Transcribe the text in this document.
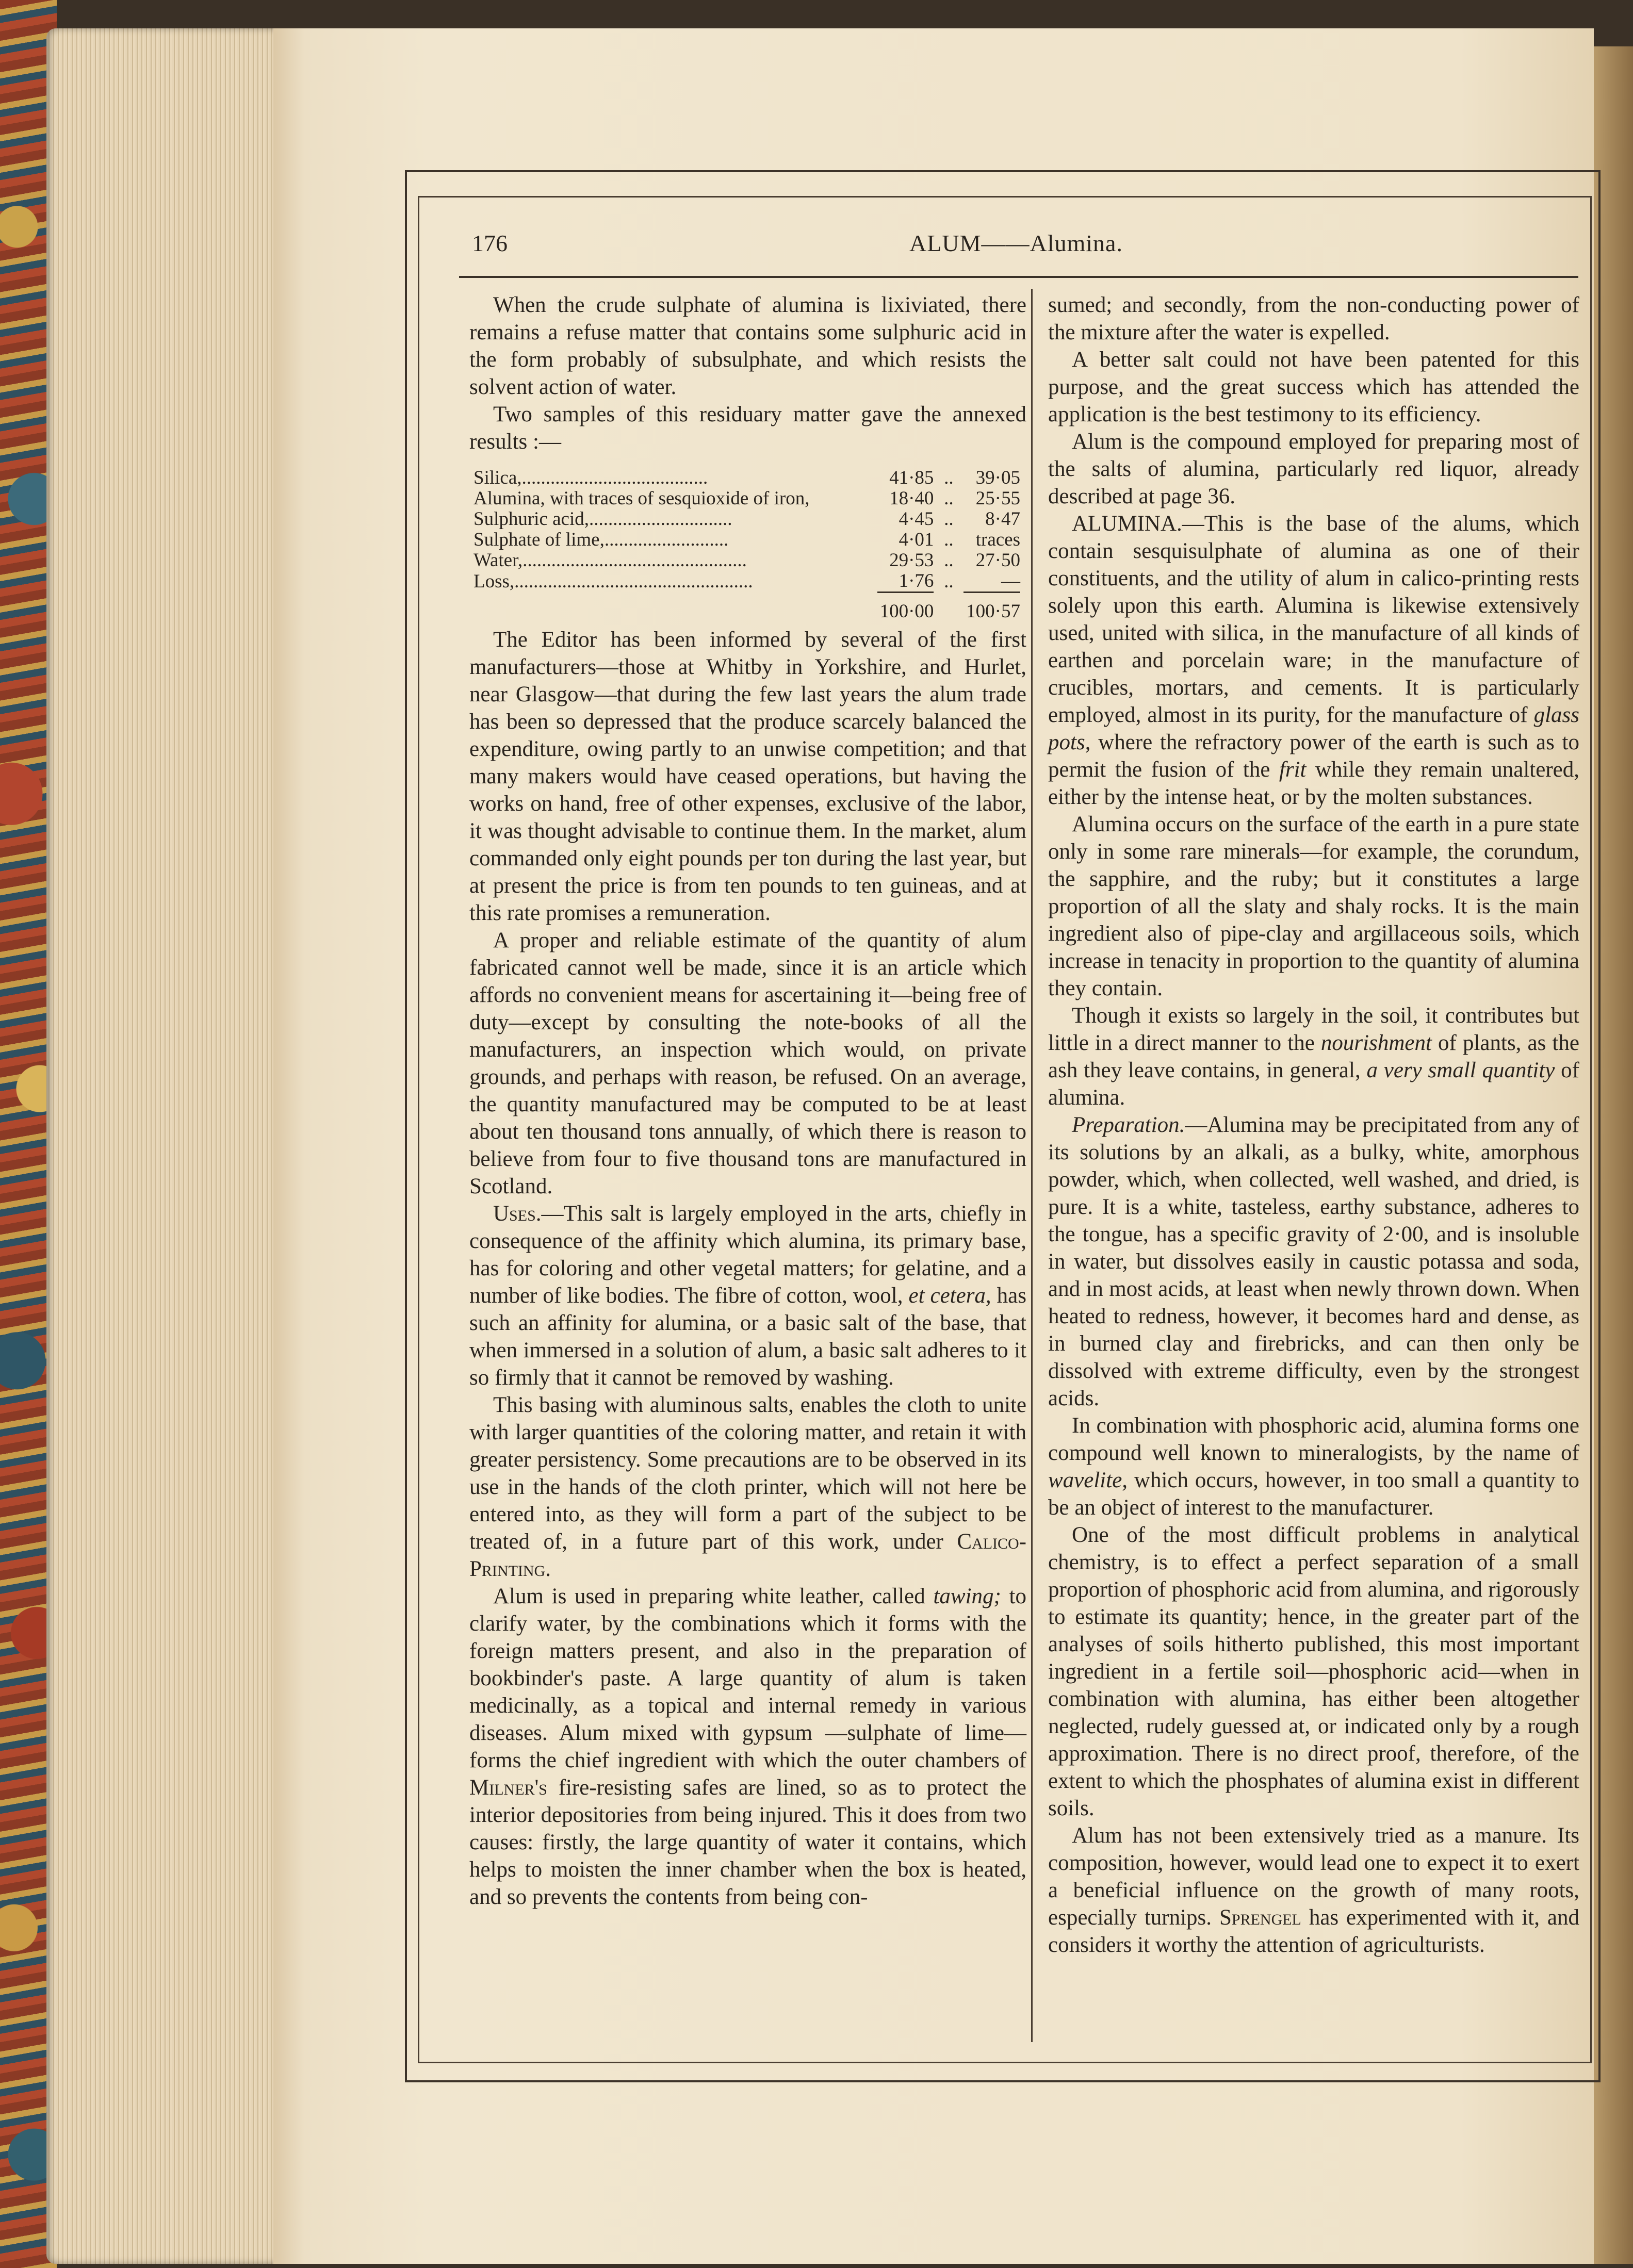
176	ALUM——Alumina.

When the crude sulphate of alumina is lixiviated, there remains a refuse matter that contains some sulphuric acid in the form probably of subsulphate, and which resists the solvent action of water.

Two samples of this residuary matter gave the annexed results :—

Silica,.......................................	41·85	..	39·05
Alumina, with traces of sesquioxide of iron,	18·40	..	25·55
Sulphuric acid,..............................	4·45	..	8·47
Sulphate of lime,..........................	4·01	..	traces
Water,...............................................	29·53	..	27·50
Loss,..................................................	1·76	..	—
	100·00		100·57

The Editor has been informed by several of the first manufacturers—those at Whitby in Yorkshire, and Hurlet, near Glasgow—that during the few last years the alum trade has been so depressed that the produce scarcely balanced the expenditure, owing partly to an unwise competition; and that many makers would have ceased operations, but having the works on hand, free of other expenses, exclusive of the labor, it was thought advisable to continue them. In the market, alum commanded only eight pounds per ton during the last year, but at present the price is from ten pounds to ten guineas, and at this rate promises a remuneration.

A proper and reliable estimate of the quantity of alum fabricated cannot well be made, since it is an article which affords no convenient means for ascertaining it—being free of duty—except by consulting the note-books of all the manufacturers, an inspection which would, on private grounds, and perhaps with reason, be refused. On an average, the quantity manufactured may be computed to be at least about ten thousand tons annually, of which there is reason to believe from four to five thousand tons are manufactured in Scotland.

Uses.—This salt is largely employed in the arts, chiefly in consequence of the affinity which alumina, its primary base, has for coloring and other vegetal matters; for gelatine, and a number of like bodies. The fibre of cotton, wool, et cetera, has such an affinity for alumina, or a basic salt of the base, that when immersed in a solution of alum, a basic salt adheres to it so firmly that it cannot be removed by washing.

This basing with aluminous salts, enables the cloth to unite with larger quantities of the coloring matter, and retain it with greater persistency. Some precautions are to be observed in its use in the hands of the cloth printer, which will not here be entered into, as they will form a part of the subject to be treated of, in a future part of this work, under Calico-Printing.

Alum is used in preparing white leather, called tawing; to clarify water, by the combinations which it forms with the foreign matters present, and also in the preparation of bookbinder's paste. A large quantity of alum is taken medicinally, as a topical and internal remedy in various diseases. Alum mixed with gypsum —sulphate of lime—forms the chief ingredient with which the outer chambers of Milner's fire-resisting safes are lined, so as to protect the interior depositories from being injured. This it does from two causes: firstly, the large quantity of water it contains, which helps to moisten the inner chamber when the box is heated, and so prevents the contents from being con-

sumed; and secondly, from the non-conducting power of the mixture after the water is expelled.

A better salt could not have been patented for this purpose, and the great success which has attended the application is the best testimony to its efficiency.

Alum is the compound employed for preparing most of the salts of alumina, particularly red liquor, already described at page 36.

ALUMINA.—This is the base of the alums, which contain sesquisulphate of alumina as one of their constituents, and the utility of alum in calico-printing rests solely upon this earth. Alumina is likewise extensively used, united with silica, in the manufacture of all kinds of earthen and porcelain ware; in the manufacture of crucibles, mortars, and cements. It is particularly employed, almost in its purity, for the manufacture of glass pots, where the refractory power of the earth is such as to permit the fusion of the frit while they remain unaltered, either by the intense heat, or by the molten substances.

Alumina occurs on the surface of the earth in a pure state only in some rare minerals—for example, the corundum, the sapphire, and the ruby; but it constitutes a large proportion of all the slaty and shaly rocks. It is the main ingredient also of pipe-clay and argillaceous soils, which increase in tenacity in proportion to the quantity of alumina they contain.

Though it exists so largely in the soil, it contributes but little in a direct manner to the nourishment of plants, as the ash they leave contains, in general, a very small quantity of alumina.

Preparation.—Alumina may be precipitated from any of its solutions by an alkali, as a bulky, white, amorphous powder, which, when collected, well washed, and dried, is pure. It is a white, tasteless, earthy substance, adheres to the tongue, has a specific gravity of 2·00, and is insoluble in water, but dissolves easily in caustic potassa and soda, and in most acids, at least when newly thrown down. When heated to redness, however, it becomes hard and dense, as in burned clay and firebricks, and can then only be dissolved with extreme difficulty, even by the strongest acids.

In combination with phosphoric acid, alumina forms one compound well known to mineralogists, by the name of wavelite, which occurs, however, in too small a quantity to be an object of interest to the manufacturer.

One of the most difficult problems in analytical chemistry, is to effect a perfect separation of a small proportion of phosphoric acid from alumina, and rigorously to estimate its quantity; hence, in the greater part of the analyses of soils hitherto published, this most important ingredient in a fertile soil—phosphoric acid—when in combination with alumina, has either been altogether neglected, rudely guessed at, or indicated only by a rough approximation. There is no direct proof, therefore, of the extent to which the phosphates of alumina exist in different soils.

Alum has not been extensively tried as a manure. Its composition, however, would lead one to expect it to exert a beneficial influence on the growth of many roots, especially turnips. Sprengel has experimented with it, and considers it worthy the attention of agriculturists.
